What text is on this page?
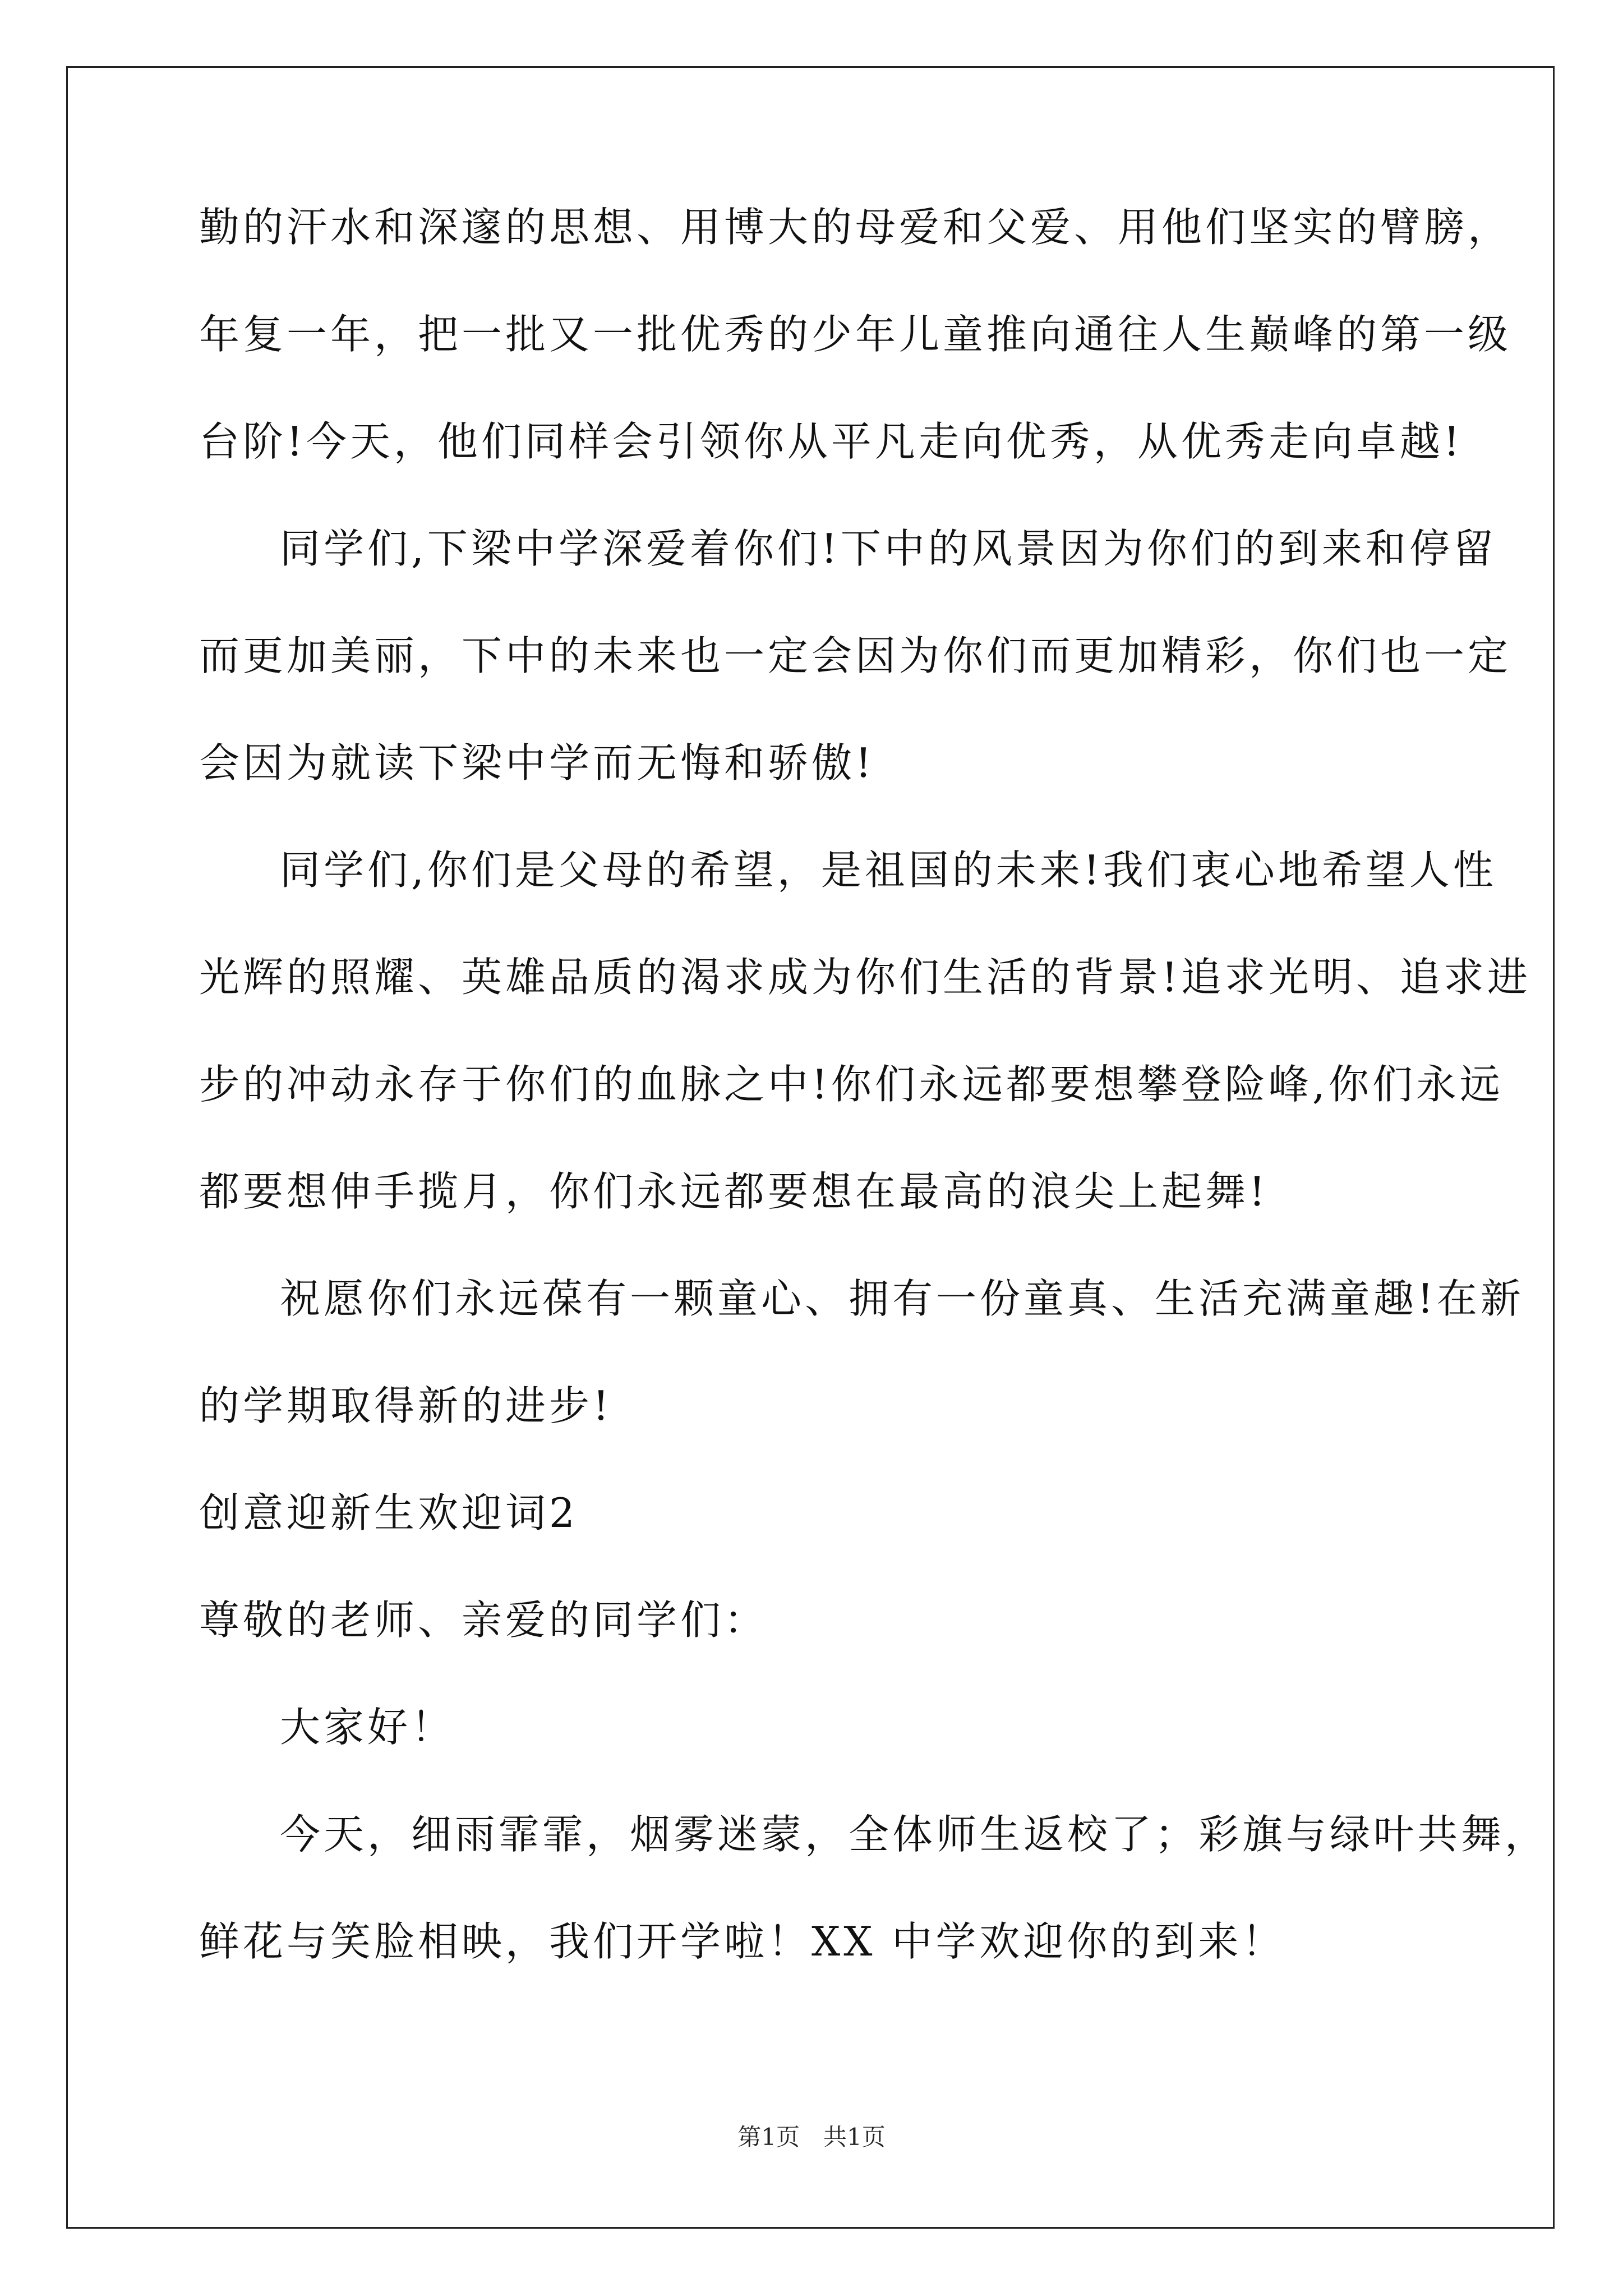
勤的汗水和深邃的思想、用博大的母爱和父爱、用他们坚实的臂膀，
年复一年，把一批又一批优秀的少年儿童推向通往人生巅峰的第一级
台阶!今天，他们同样会引领你从平凡走向优秀，从优秀走向卓越!
同学们,下梁中学深爱着你们!下中的风景因为你们的到来和停留
而更加美丽，下中的未来也一定会因为你们而更加精彩，你们也一定
会因为就读下梁中学而无悔和骄傲!
同学们,你们是父母的希望，是祖国的未来!我们衷心地希望人性
光辉的照耀、英雄品质的渴求成为你们生活的背景!追求光明、追求进
步的冲动永存于你们的血脉之中!你们永远都要想攀登险峰,你们永远
都要想伸手揽月，你们永远都要想在最高的浪尖上起舞!
祝愿你们永远葆有一颗童心、拥有一份童真、生活充满童趣!在新
的学期取得新的进步!
创意迎新生欢迎词2
尊敬的老师、亲爱的同学们：
大家好！
今天，细雨霏霏，烟雾迷蒙，全体师生返校了；彩旗与绿叶共舞，
鲜花与笑脸相映，我们开学啦！XX 中学欢迎你的到来！
第1页　共1页
